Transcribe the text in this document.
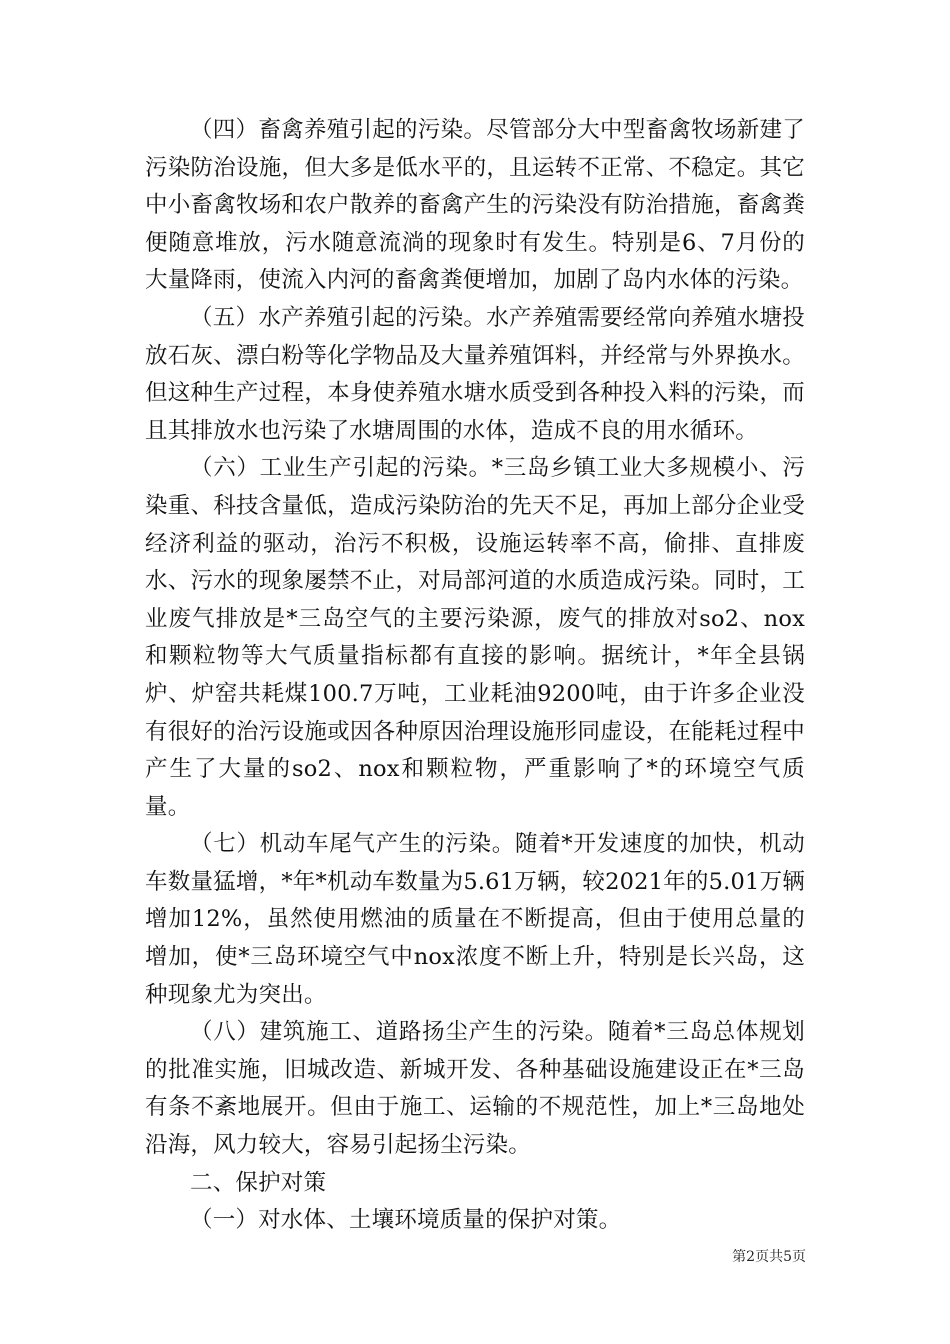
（四）畜禽养殖引起的污染。尽管部分大中型畜禽牧场新建了污染防治设施，但大多是低水平的，且运转不正常、不稳定。其它中小畜禽牧场和农户散养的畜禽产生的污染没有防治措施，畜禽粪便随意堆放，污水随意流淌的现象时有发生。特别是6、7月份的大量降雨，使流入内河的畜禽粪便增加，加剧了岛内水体的污染。

（五）水产养殖引起的污染。水产养殖需要经常向养殖水塘投放石灰、漂白粉等化学物品及大量养殖饵料，并经常与外界换水。但这种生产过程，本身使养殖水塘水质受到各种投入料的污染，而且其排放水也污染了水塘周围的水体，造成不良的用水循环。

（六）工业生产引起的污染。*三岛乡镇工业大多规模小、污染重、科技含量低，造成污染防治的先天不足，再加上部分企业受经济利益的驱动，治污不积极，设施运转率不高，偷排、直排废水、污水的现象屡禁不止，对局部河道的水质造成污染。同时，工业废气排放是*三岛空气的主要污染源，废气的排放对so2、nox和颗粒物等大气质量指标都有直接的影响。据统计，*年全县锅炉、炉窑共耗煤100.7万吨，工业耗油9200吨，由于许多企业没有很好的治污设施或因各种原因治理设施形同虚设，在能耗过程中产生了大量的so2、nox和颗粒物，严重影响了*的环境空气质量。

（七）机动车尾气产生的污染。随着*开发速度的加快，机动车数量猛增，*年*机动车数量为5.61万辆，较2021年的5.01万辆增加12%，虽然使用燃油的质量在不断提高，但由于使用总量的增加，使*三岛环境空气中nox浓度不断上升，特别是长兴岛，这种现象尤为突出。

（八）建筑施工、道路扬尘产生的污染。随着*三岛总体规划的批准实施，旧城改造、新城开发、各种基础设施建设正在*三岛有条不紊地展开。但由于施工、运输的不规范性，加上*三岛地处沿海，风力较大，容易引起扬尘污染。

二、保护对策

（一）对水体、土壤环境质量的保护对策。

第2页共5页
